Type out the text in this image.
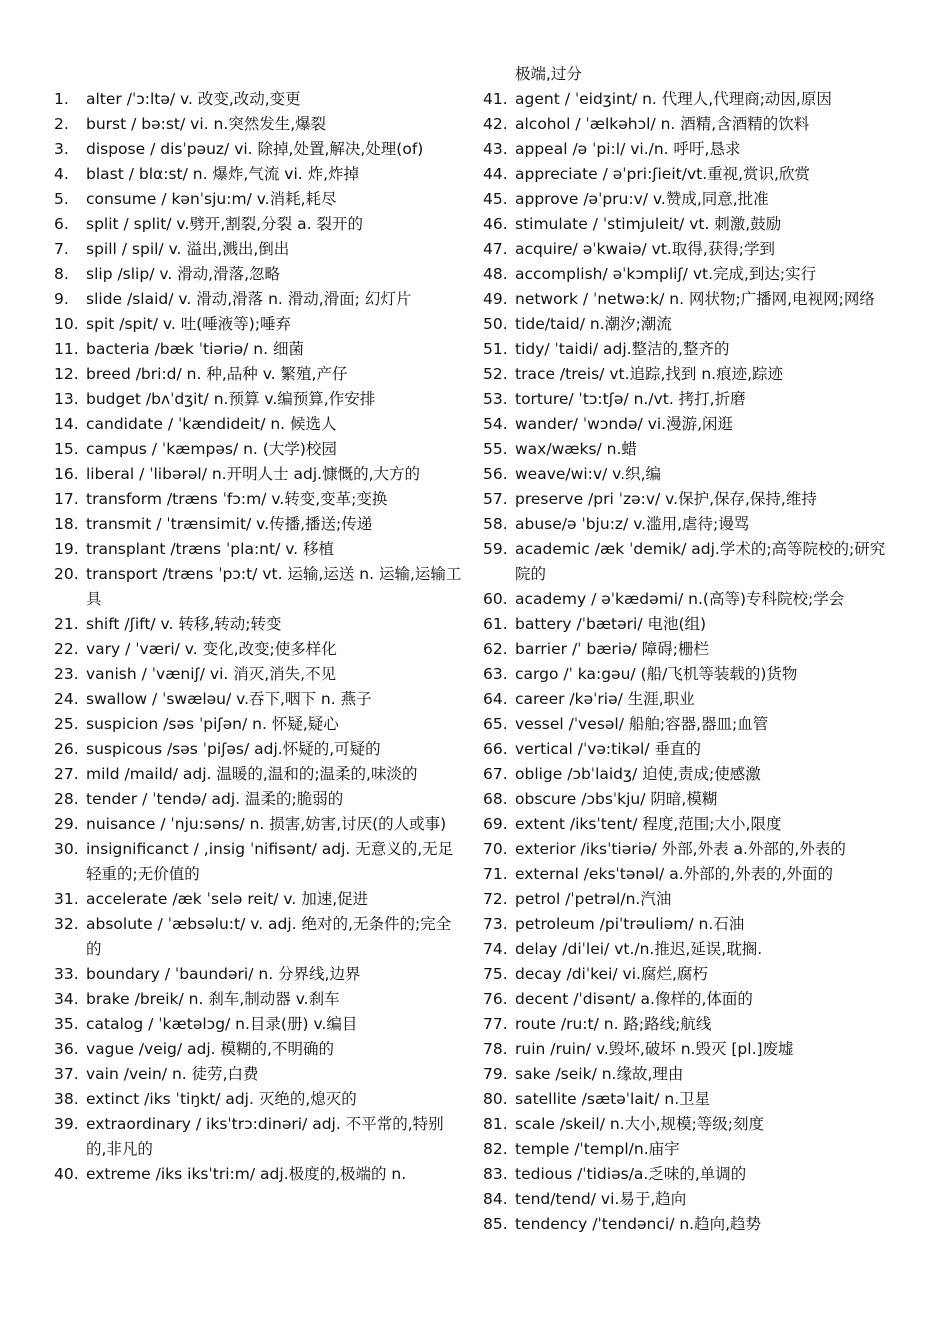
1.	alter /ˈɔ:ltə/ v. 改变,改动,变更
2.	burst / bə:st/ vi. n.突然发生,爆裂
3.	dispose / disˈpəuz/ vi. 除掉,处置,解决,处理(of)
4.	blast / blα:st/ n. 爆炸,气流 vi. 炸,炸掉
5.	consume / kənˈsju:m/ v.消耗,耗尽
6.	split / split/ v.劈开,割裂,分裂 a. 裂开的
7.	spill / spil/ v. 溢出,溅出,倒出
8.	slip /slip/ v. 滑动,滑落,忽略
9.	slide /slaid/ v. 滑动,滑落 n. 滑动,滑面; 幻灯片
10. spit /spit/ v. 吐(唾液等);唾弃
11. bacteria /bæk ˈtiəriə/ n. 细菌
12. breed /bri:d/ n. 种,品种 v. 繁殖,产仔
13. budget /bʌˈdʒit/ n.预算 v.编预算,作安排
14. candidate / ˈkændideit/ n. 候选人
15. campus / ˈkæmpəs/ n. (大学)校园
16. liberal / ˈlibərəl/ n.开明人士 adj.慷慨的,大方的
17. transform /træns ˈfɔ:m/ v.转变,变革;变换
18. transmit / ˈtrænsimit/ v.传播,播送;传递
19. transplant /træns ˈpla:nt/ v. 移植
20. transport /træns ˈpɔ:t/ vt. 运输,运送 n. 运输,运输工具
21. shift /ʃift/ v. 转移,转动;转变
22. vary / ˈværi/ v. 变化,改变;使多样化
23. vanish / ˈvæniʃ/ vi. 消灭,消失,不见
24. swallow / ˈswæləu/ v.吞下,咽下 n. 燕子
25. suspicion /səs ˈpiʃən/ n. 怀疑,疑心
26. suspicous /səs ˈpiʃəs/ adj.怀疑的,可疑的
27. mild /maild/ adj. 温暖的,温和的;温柔的,味淡的
28. tender / ˈtendə/ adj. 温柔的;脆弱的
29. nuisance / ˈnju:səns/ n. 损害,妨害,讨厌(的人或事)
30. insignificanct / ,insig ˈnifisənt/ adj. 无意义的,无足轻重的;无价值的
31. accelerate /æk ˈselə reit/ v. 加速,促进
32. absolute / ˈæbsəlu:t/ v. adj. 绝对的,无条件的;完全的
33. boundary / ˈbaundəri/ n. 分界线,边界
34. brake /breik/ n. 刹车,制动器 v.刹车
35. catalog / ˈkætəlɔg/ n.目录(册) v.编目
36. vague /veig/ adj. 模糊的,不明确的
37. vain /vein/ n. 徒劳,白费
38. extinct /iks ˈtiŋkt/ adj. 灭绝的,熄灭的
39. extraordinary / iksˈtrɔ:dinəri/ adj. 不平常的,特别的,非凡的
40. extreme /iks iksˈtri:m/ adj.极度的,极端的 n.
极端,过分
41. agent / ˈeidʒint/ n. 代理人,代理商;动因,原因
42. alcohol / ˈælkəhɔl/ n. 酒精,含酒精的饮料
43. appeal /ə ˈpi:l/ vi./n. 呼吁,恳求
44. appreciate / əˈpri:ʃieit/vt.重视,赏识,欣赏
45. approve /əˈpru:v/ v.赞成,同意,批准
46. stimulate / ˈstimjuleit/ vt. 刺激,鼓励
47. acquire/ əˈkwaiə/ vt.取得,获得;学到
48. accomplish/ əˈkɔmpliʃ/ vt.完成,到达;实行
49. network / ˈnetwə:k/ n. 网状物;广播网,电视网;网络
50. tide/taid/ n.潮汐;潮流
51. tidy/ ˈtaidi/ adj.整洁的,整齐的
52. trace /treis/ vt.追踪,找到 n.痕迹,踪迹
53. torture/ ˈtɔ:tʃə/ n./vt. 拷打,折磨
54. wander/ ˈwɔndə/ vi.漫游,闲逛
55. wax/wæks/ n.蜡
56. weave/wi:v/ v.织,编
57. preserve /pri ˈzə:v/ v.保护,保存,保持,维持
58. abuse/ə ˈbju:z/ v.滥用,虐待;谩骂
59. academic /æk ˈdemik/ adj.学术的;高等院校的;研究院的
60. academy / əˈkædəmi/ n.(高等)专科院校;学会
61. battery /ˈbætəri/ 电池(组)
62. barrier /ˈ bæriə/ 障碍;栅栏
63. cargo /ˈ ka:gəu/ (船/飞机等装载的)货物
64. career /kəˈriə/ 生涯,职业
65. vessel /ˈvesəl/ 船舶;容器,器皿;血管
66. vertical /ˈvə:tikəl/ 垂直的
67. oblige /ɔbˈlaidʒ/ 迫使,责成;使感激
68. obscure /ɔbsˈkju/ 阴暗,模糊
69. extent /iksˈtent/ 程度,范围;大小,限度
70. exterior /iksˈtiəriə/ 外部,外表 a.外部的,外表的
71. external /eksˈtənəl/ a.外部的,外表的,外面的
72. petrol /ˈpetrəl/n.汽油
73. petroleum /piˈtrəuliəm/ n.石油
74. delay /diˈlei/ vt./n.推迟,延误,耽搁.
75. decay /diˈkei/ vi.腐烂,腐朽
76. decent /ˈdisənt/ a.像样的,体面的
77. route /ru:t/ n. 路;路线;航线
78. ruin /ruin/ v.毁坏,破坏 n.毁灭 [pl.]废墟
79. sake /seik/ n.缘故,理由
80. satellite /sætəˈlait/ n.卫星
81. scale /skeil/ n.大小,规模;等级;刻度
82. temple /ˈtempl/n.庙宇
83. tedious /ˈtidiəs/a.乏味的,单调的
84. tend/tend/ vi.易于,趋向
85. tendency /ˈtendənci/ n.趋向,趋势
